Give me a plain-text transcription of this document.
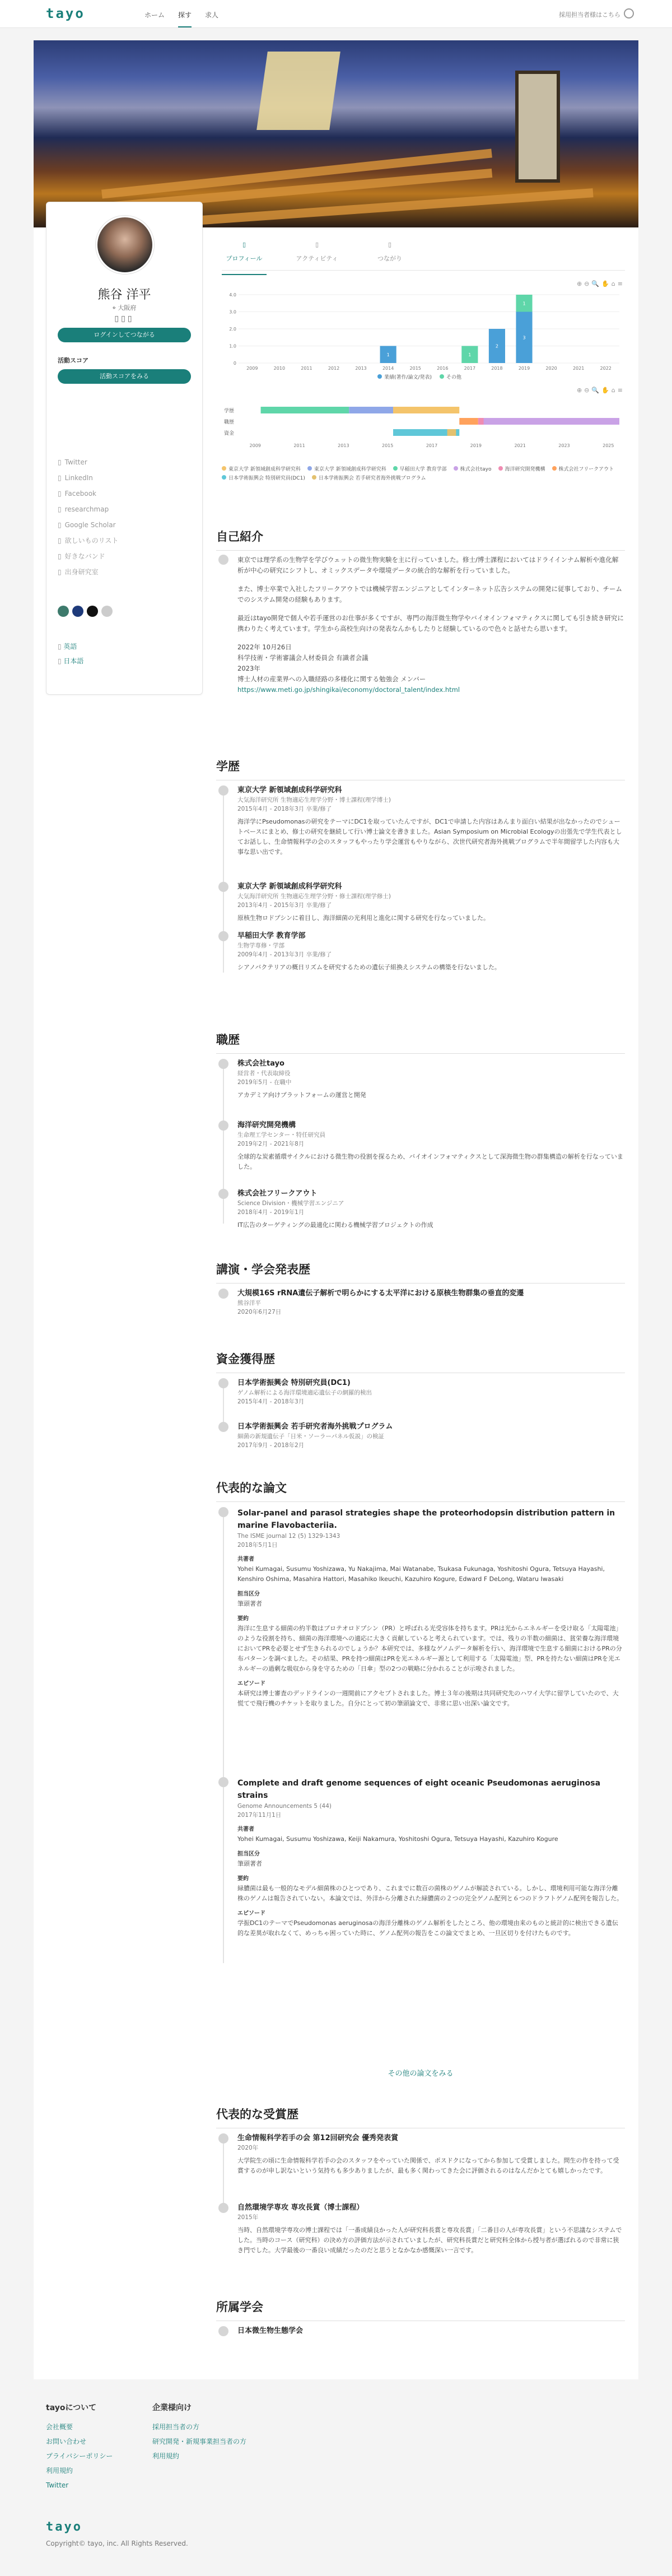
tayo	ホーム 探す 求人	採用担当者様はこちら
熊谷 洋平
⌖ 大阪府
▯▯▯
ログインしてつながる
活動スコア
活動スコアをみる
▯ Twitter
▯ LinkedIn
▯ Facebook
▯ researchmap
▯ Google Scholar
▯ 欲しいものリスト
▯ 好きなバンド
▯ 出身研究室
▯ 英語
▯ 日本語
▯
プロフィール
▯
アクティビティ
▯
つながり
⊕⊖🔍✋⌂≡
0
1.0
2.0
3.0
4.0
2009	2010	2011	2012	2013	2014
1
2015	2016	2017
1
2018
2
2019
3
1
2020	2021	2022
業績(著作/論文/発表)	その他
⊕⊖🔍✋⌂≡
学歴
職歴
資金
2009	2011	2013	2015	2017	2019	2021	2023	2025
東京大学 新領域創成科学研究科	東京大学 新領域創成科学研究科	早稲田大学 教育学部	株式会社tayo	海洋研究開発機構	株式会社フリークアウト日本学術振興会 特別研究員(DC1)	日本学術振興会 若手研究者海外挑戦プログラム
自己紹介
東京では理学系の生物学を学びウェットの微生物実験を主に行っていました。修士/博士課程においてはドライインナム解析や進化解析が中心の研究にシフトし、オミックスデータや環境データの統合的な解析を行っていました。

また、博士卒業で入社したフリークアウトでは機械学習エンジニアとしてインターネット広告システムの開発に従事しており、チームでのシステム開発の経験もあります。

最近はtayo開発で個人や若手運営のお仕事が多くですが、専門の海洋微生物学やバイオインフォマティクスに関しても引き続き研究に携わりたく考えています。学生から高校生向けの発表なんかもしたりと経験しているので色々と話せたら思います。

2022年 10月26日
科学技術・学術審議会人材委員会 有識者会議
2023年
博士人材の産業界への入職経路の多様化に関する勉強会 メンバー
https://www.meti.go.jp/shingikai/economy/doctoral_talent/index.html
学歴
東京大学 新領域創成科学研究科
大気海洋研究所 生物適応生理学分野・博士課程(理学博士)
2015年4月 - 2018年3月 卒業/修了
海洋学にPseudomonasの研究をテーマにDC1を取っていたんですが、DC1で申請した内容はあんまり面白い結果が出なかったのでシュートベースにまとめ、修士の研究を継続して行い博士論文を書きました。Asian Symposium on Microbial Ecologyの出張先で学生代表としてお話しし、生命情報科学の会のスタッフもやったり学会運営もやりながら、次世代研究者海外挑戦プログラムで半年間留学した内容も大事な思い出です。
東京大学 新領域創成科学研究科
大気海洋研究所 生物適応生理学分野・修士課程(理学修士)
2013年4月 - 2015年3月 卒業/修了
原核生物ロドプシンに着目し、海洋細菌の光利用と進化に関する研究を行なっていました。
早稲田大学 教育学部
生物学専修・学部
2009年4月 - 2013年3月 卒業/修了
シアノバクテリアの概日リズムを研究するための遺伝子組換えシステムの構築を行ないました。
職歴
株式会社tayo
経営者・代表取締役
2019年5月 - 在職中
アカデミア向けプラットフォームの運営と開発
海洋研究開発機構
生命理工学センター・特任研究員
2019年2月 - 2021年8月
全球的な炭素循環サイクルにおける微生物の役割を探るため、バイオインフォマティクスとして深海微生物の群集構造の解析を行なっていました。
株式会社フリークアウト
Science Division・機械学習エンジニア
2018年4月 - 2019年1月
IT広告のターゲティングの最適化に関わる機械学習プロジェクトの作成
講演・学会発表歴
大規模16S rRNA遺伝子解析で明らかにする太平洋における原核生物群集の垂直的変遷
熊谷洋平
2020年6月27日
資金獲得歴
日本学術振興会 特別研究員(DC1)
ゲノム解析による海洋環境適応遺伝子の網羅的検出
2015年4月 - 2018年3月
日本学術振興会 若手研究者海外挑戦プログラム
細菌の新規遺伝子「日米・ソーラーパネル仮説」の検証
2017年9月 - 2018年2月
代表的な論文
Solar-panel and parasol strategies shape the proteorhodopsin distribution pattern in marine Flavobacteriia.
The ISME journal 12 (5) 1329-1343
2018年5月1日
共著者
Yohei Kumagai, Susumu Yoshizawa, Yu Nakajima, Mai Watanabe, Tsukasa Fukunaga, Yoshitoshi Ogura, Tetsuya Hayashi, Kenshiro Oshima, Masahira Hattori, Masahiko Ikeuchi, Kazuhiro Kogure, Edward F DeLong, Wataru Iwasaki
担当区分
筆頭著者
要約
海洋に生息する細菌の約半数はプロテオロドプシン（PR）と呼ばれる光受容体を持ちます。PRは光からエネルギーを受け取る「太陽電池」のような役割を持ち、細菌の海洋環境への適応に大きく貢献していると考えられています。では、残りの半数の細菌は、貧栄養な海洋環境においてPRを必要とせず生きられるのでしょうか？本研究では、多様なゲノムデータ解析を行い、海洋環境で生息する細菌におけるPRの分布パターンを調べました。その結果、PRを持つ細菌はPRを光エネルギー源として利用する「太陽電池」型、PRを持たない細菌はPRを光エネルギーの過剰な吸収から身を守るための「日傘」型の2つの戦略に分かれることが示唆されました。
エピソード
本研究は博士審査のデッドラインの一週間前にアクセプトされました。博士３年の後期は共同研究先のハワイ大学に留学していたので、大慌てで飛行機のチケットを取りました。自分にとって初の筆頭論文で、非常に思い出深い論文です。
Complete and draft genome sequences of eight oceanic Pseudomonas aeruginosa strains
Genome Announcements 5 (44)
2017年11月1日
共著者
Yohei Kumagai, Susumu Yoshizawa, Keiji Nakamura, Yoshitoshi Ogura, Tetsuya Hayashi, Kazuhiro Kogure
担当区分
筆頭著者
要約
緑膿菌は最も一般的なモデル細菌株のひとつであり、これまでに数百の菌株のゲノムが解読されている。しかし、環境利用可能な海洋分離株のゲノムは報告されていない。本論文では、外洋から分離された緑膿菌の２つの完全ゲノム配列と６つのドラフトゲノム配列を報告した。
エピソード
学振DC1のテーマでPseudomonas aeruginosaの海洋分離株のゲノム解析をしたところ、他の環境由来のものと統計的に検出できる遺伝的な差異が取れなくて、めっちゃ困っていた時に、ゲノム配列の報告をこの論文でまとめ、一旦区切りを付けたものです。
その他の論文をみる
代表的な受賞歴
生命情報科学若手の会 第12回研究会 優秀発表賞
2020年
大学院生の頃に生命情報科学若手の会のスタッフをやっていた関係で、ポスドクになってから参加して受賞しました。問生の作を持って受賞するのが申し訳ないという気持ちも多少ありましたが、最も多く関わってきた会に評価されるのはなんだかとても嬉しかったです。
自然環境学専攻 専攻長賞（博士課程）
2015年
当時、自然環境学専攻の博士課程では「一番成績良かった人が研究科長賞と専攻長賞」「二番目の人が専攻長賞」という不思議なシステムでした。当時のコース（研究科）の決め方の評価方法が示されていましたが、研究科長賞だと研究科全体から授与者が選ばれるので非常に狭き門でした。大学最後の一番良い成績だったのだと思うとなかなか感慨深い一言です。
所属学会
日本微生物生態学会
tayoについて
会社概要
お問い合わせ
プライバシーポリシー
利用規約
Twitter
企業様向け
採用担当者の方
研究開発・新規事業担当者の方
利用規約
tayo
Copyright© tayo, inc. All Rights Reserved.
